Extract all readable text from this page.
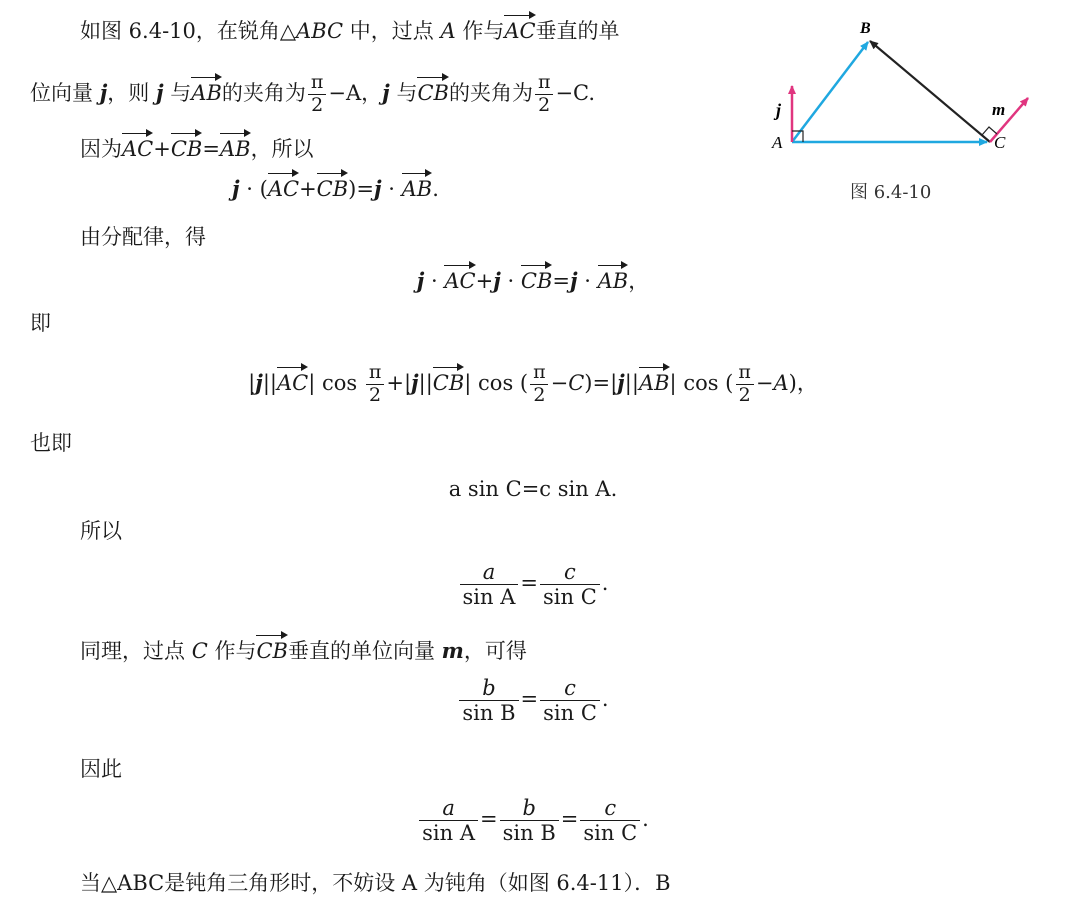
如图 6.4-10，在锐角△ABC 中，过点 A 作与AC垂直的单
位向量 j，则 j 与AB的夹角为 $\frac{\pi}{2} -A$，j 与CB的夹角为 $\frac{\pi}{2} -C$.
因为AC+CB=AB，所以
j · (AC+CB)=j · AB.
由分配律，得
j · AC+j · CB=j · AB，
即
|j||AC| $\cos \frac{\pi}{2} +|j||CB|$ cos ( $\frac{\pi}{2} -C)=|j||AB|$ cos ( $\frac{\pi}{2} -A$)，
也即
a sin C=c sin A.
所以
$\frac{a}{\text{sin A}} = \frac{c}{\text{sin C}}$ .
同理，过点 C 作与CB垂直的单位向量 m，可得
$\frac{b}{\text{sin B}} = \frac{c}{\text{sin C}}$ .
因此
$\frac{a}{\text{sin A}} = \frac{b}{\text{sin B}} = \frac{c}{\text{sin C}}$ .
当△ABC是钝角三角形时，不妨设 A 为钝角（如图 6.4-11）．B
A
B
C
j	m
图 6.4-10
